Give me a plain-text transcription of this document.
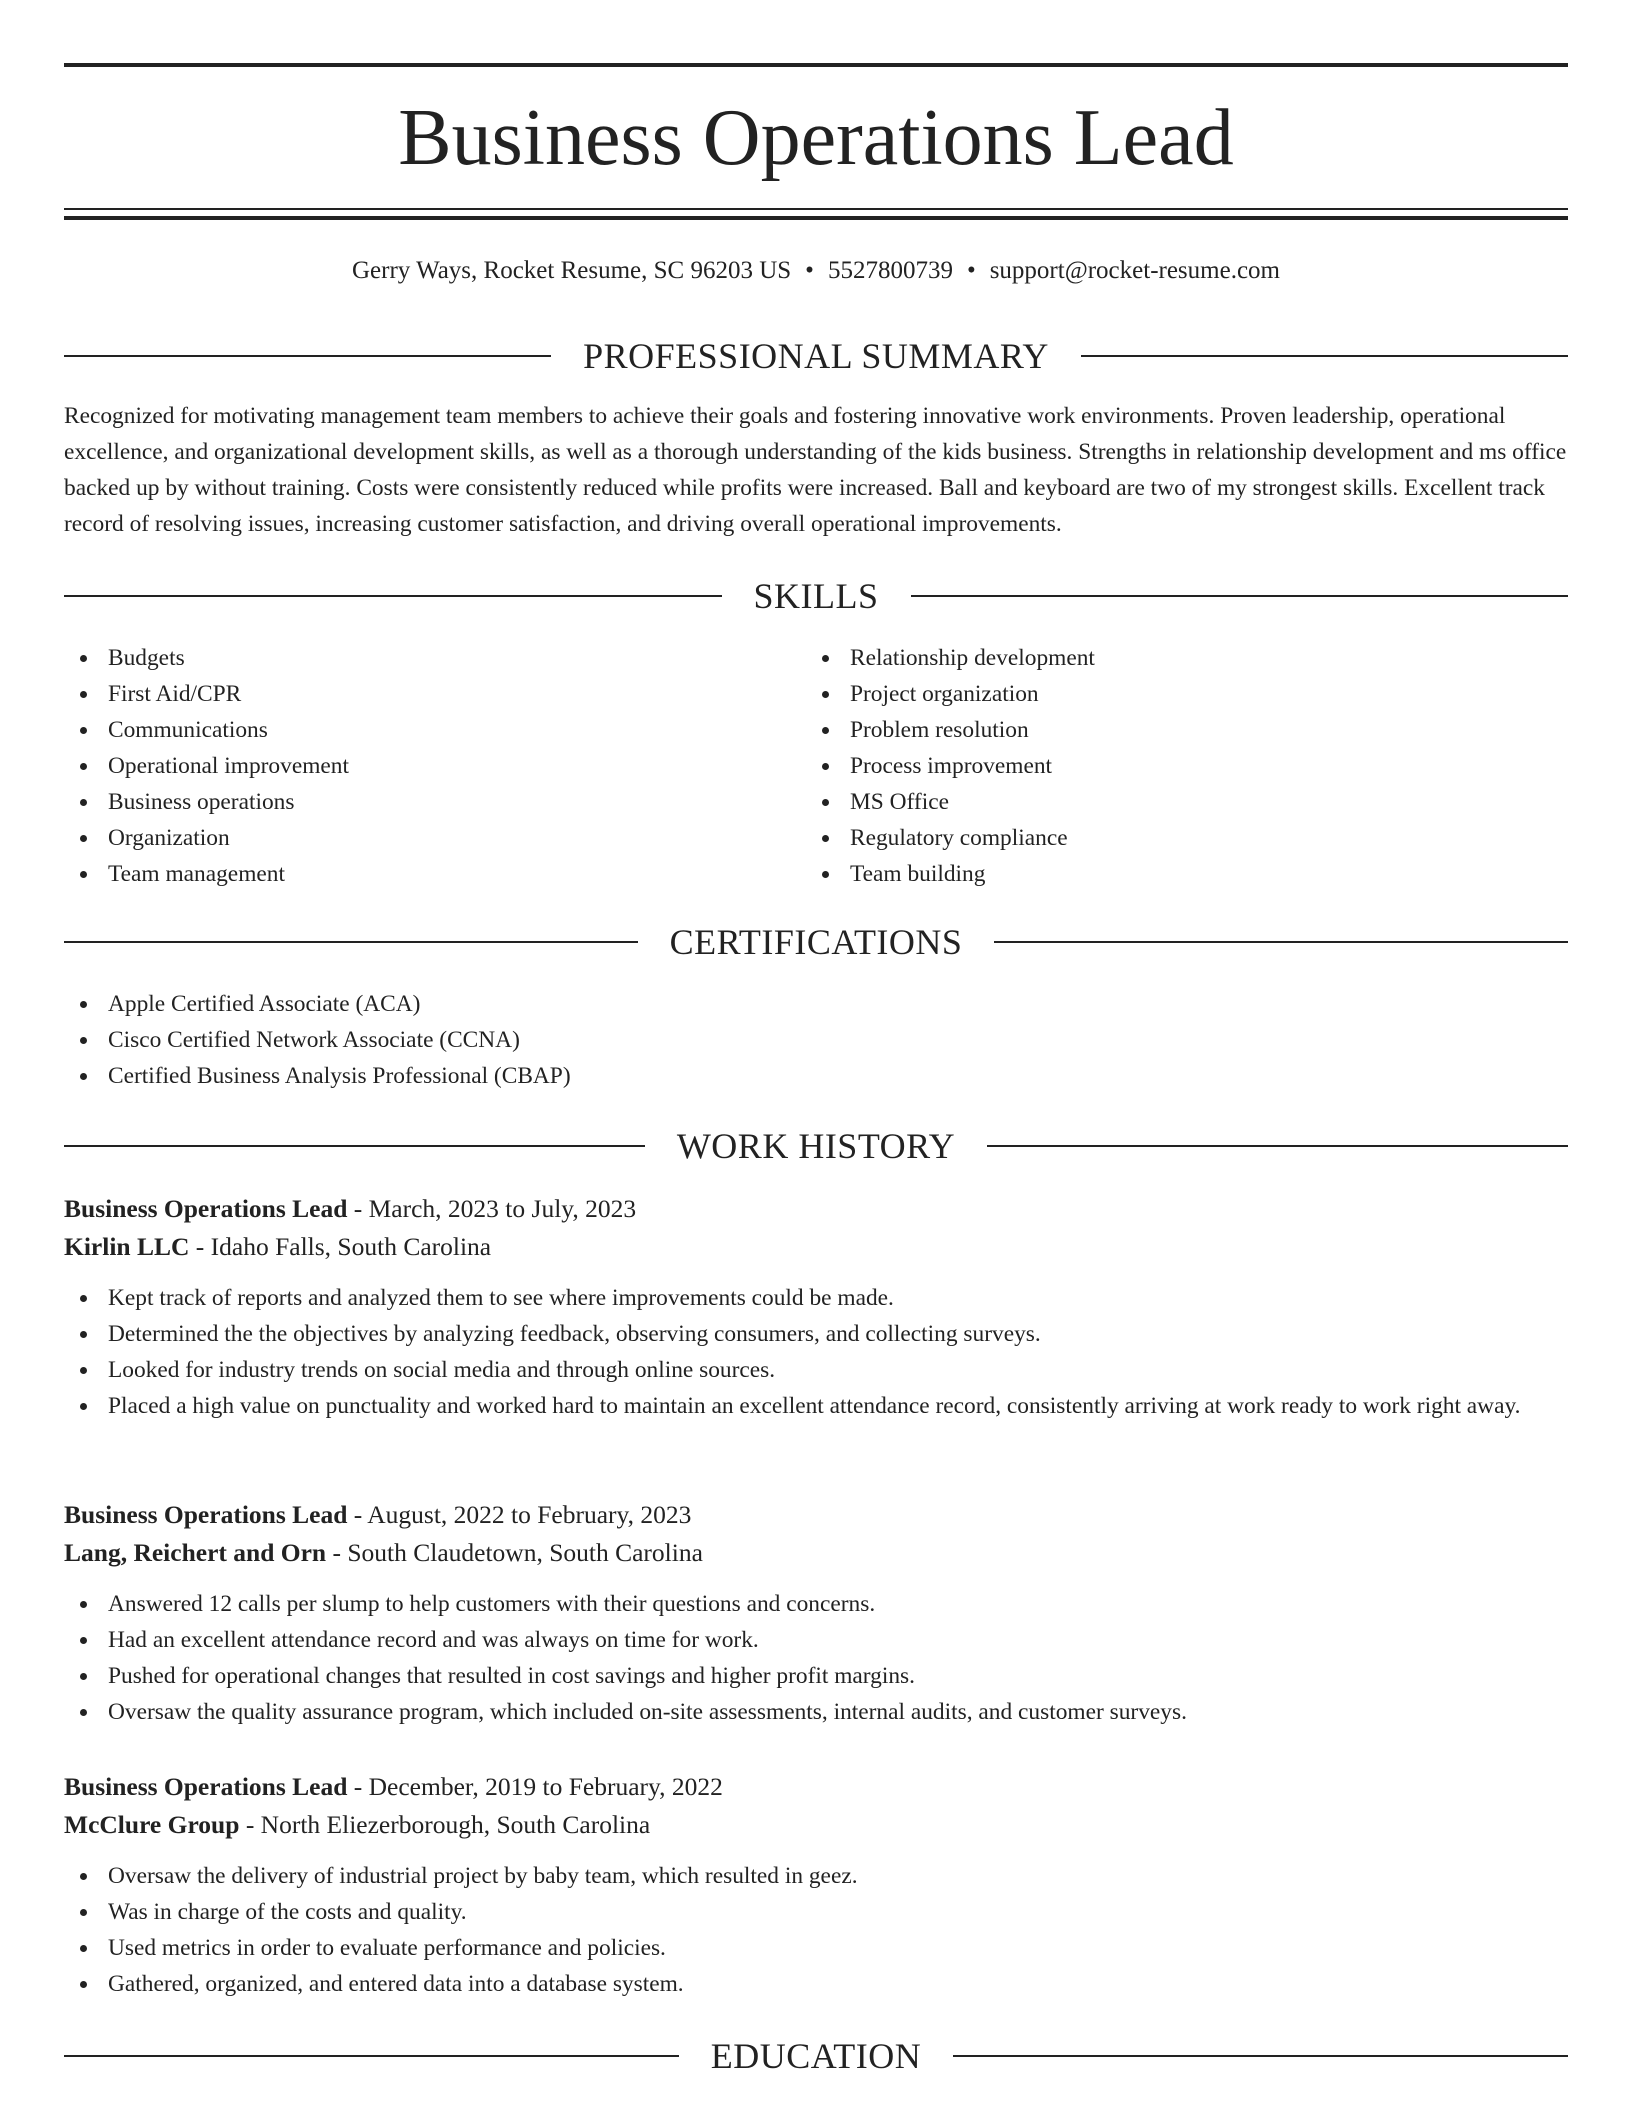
Business Operations Lead
Gerry Ways, Rocket Resume, SC 96203 US • 5527800739 • support@rocket-resume.com
PROFESSIONAL SUMMARY

Recognized for motivating management team members to achieve their goals and fostering innovative work environments. Proven leadership, operational excellence, and organizational development skills, as well as a thorough understanding of the kids business. Strengths in relationship development and ms office backed up by without training. Costs were consistently reduced while profits were increased. Ball and keyboard are two of my strongest skills. Excellent track record of resolving issues, increasing customer satisfaction, and driving overall operational improvements.

SKILLS
Budgets
First Aid/CPR
Communications
Operational improvement
Business operations
Organization
Team management
Relationship development
Project organization
Problem resolution
Process improvement
MS Office
Regulatory compliance
Team building
CERTIFICATIONS
Apple Certified Associate (ACA)
Cisco Certified Network Associate (CCNA)
Certified Business Analysis Professional (CBAP)
WORK HISTORY
Business Operations Lead - March, 2023 to July, 2023
Kirlin LLC - Idaho Falls, South Carolina
Kept track of reports and analyzed them to see where improvements could be made.
Determined the the objectives by analyzing feedback, observing consumers, and collecting surveys.
Looked for industry trends on social media and through online sources.
Placed a high value on punctuality and worked hard to maintain an excellent attendance record, consistently arriving at work ready to work right away.
Business Operations Lead - August, 2022 to February, 2023
Lang, Reichert and Orn - South Claudetown, South Carolina
Answered 12 calls per slump to help customers with their questions and concerns.
Had an excellent attendance record and was always on time for work.
Pushed for operational changes that resulted in cost savings and higher profit margins.
Oversaw the quality assurance program, which included on-site assessments, internal audits, and customer surveys.
Business Operations Lead - December, 2019 to February, 2022
McClure Group - North Eliezerborough, South Carolina
Oversaw the delivery of industrial project by baby team, which resulted in geez.
Was in charge of the costs and quality.
Used metrics in order to evaluate performance and policies.
Gathered, organized, and entered data into a database system.
EDUCATION
